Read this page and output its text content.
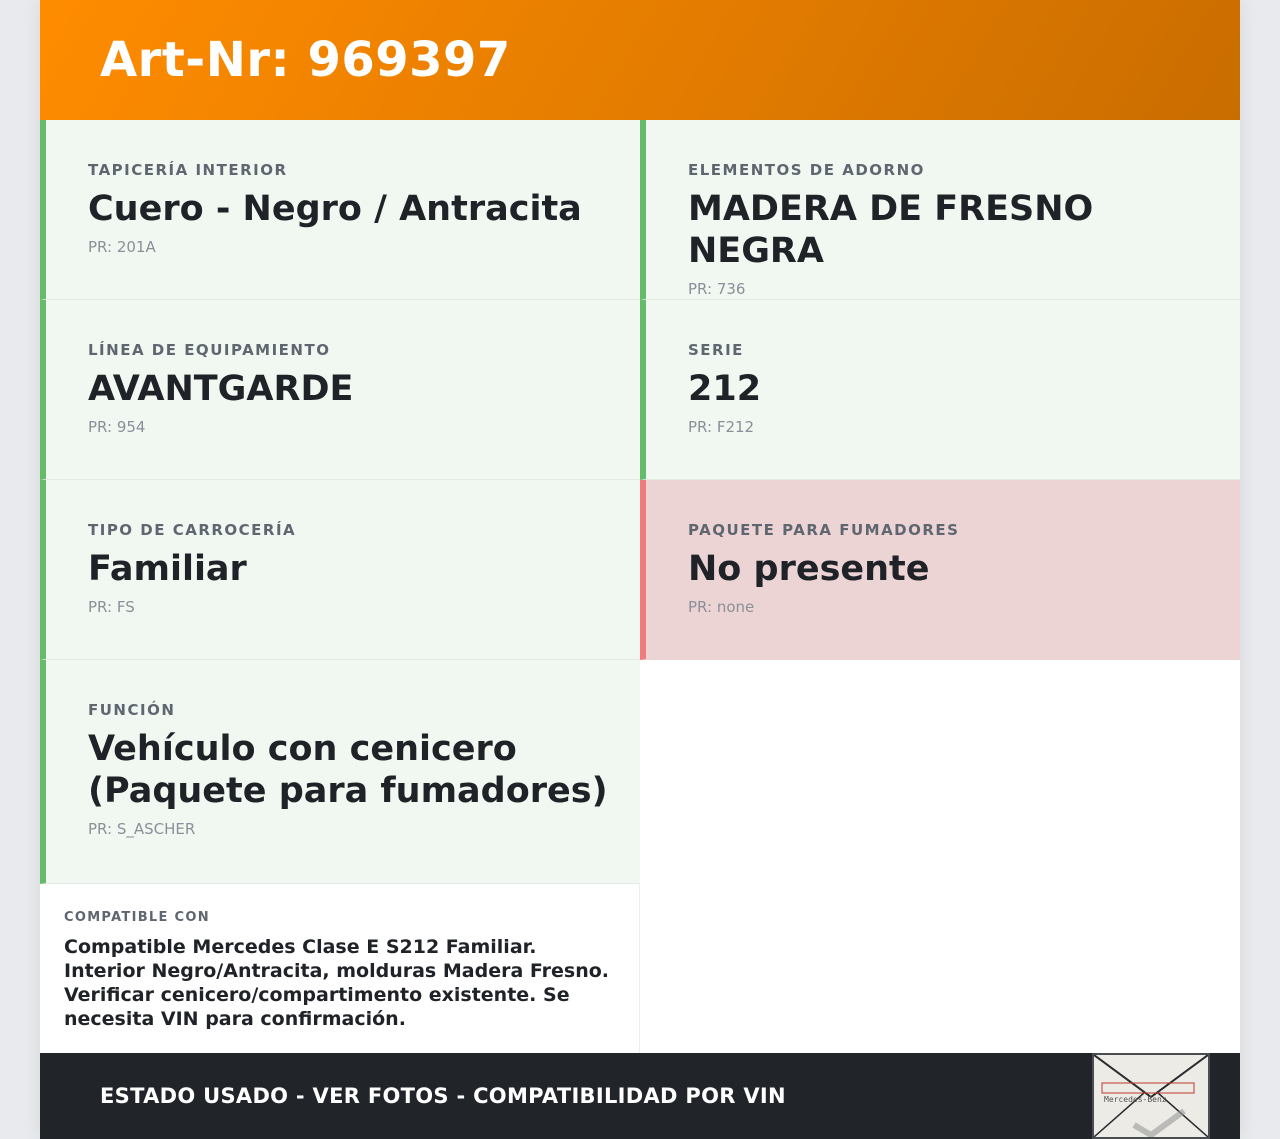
Art-Nr: 969397
TAPICERÍA INTERIOR
Cuero - Negro / Antracita
PR: 201A
ELEMENTOS DE ADORNO
MADERA DE FRESNO NEGRA
PR: 736
LÍNEA DE EQUIPAMIENTO
AVANTGARDE
PR: 954
SERIE
212
PR: F212
TIPO DE CARROCERÍA
Familiar
PR: FS
PAQUETE PARA FUMADORES
No presente
PR: none
FUNCIÓN
Vehículo con cenicero (Paquete para fumadores)
PR: S_ASCHER
COMPATIBLE CON
Compatible Mercedes Clase E S212 Familiar. Interior Negro/Antracita, molduras Madera Fresno. Verificar cenicero/compartimento existente. Se necesita VIN para confirmación.
ESTADO USADO - VER FOTOS - COMPATIBILIDAD POR VIN	Mercedes-Benz
